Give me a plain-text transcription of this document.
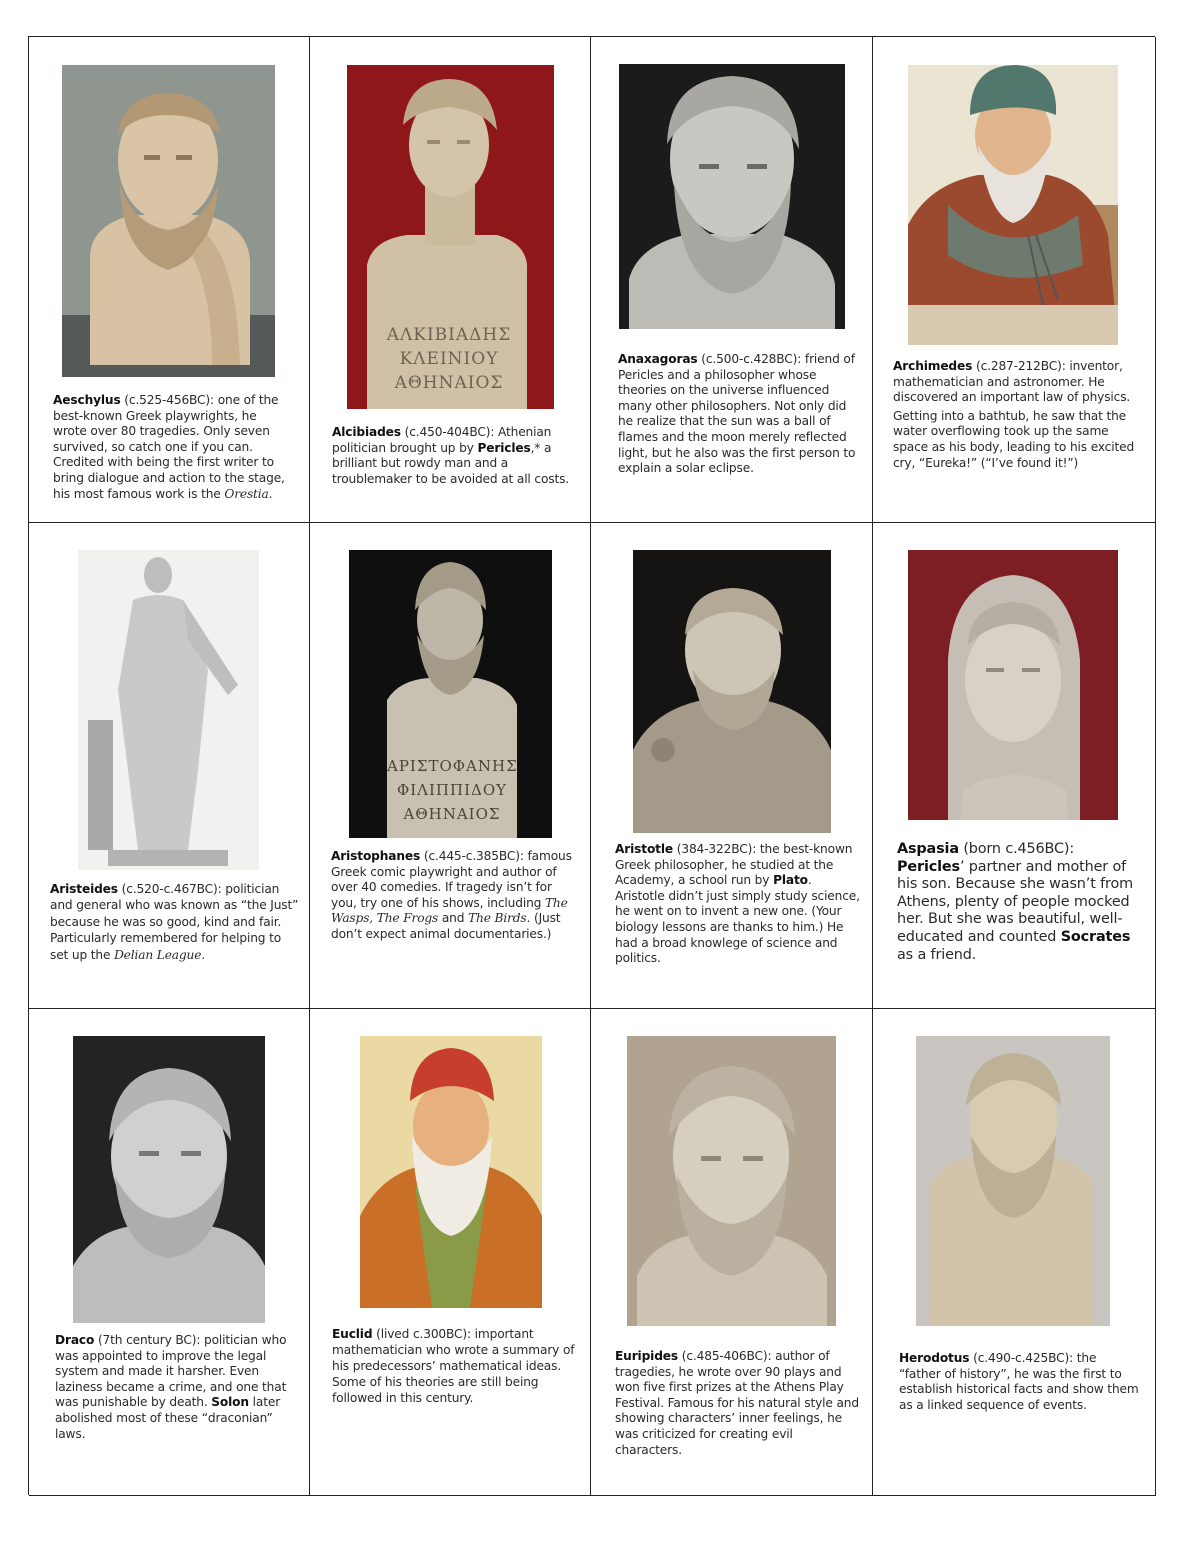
Aeschylus (c.525-456BC): one of the best-known Greek playwrights, he wrote over 80 tragedies. Only seven survived, so catch one if you can. Credited with being the first writer to bring dialogue and action to the stage, his most famous work is the Orestia.
ΑΛΚΙΒΙΑΔΗΣ
ΚΛΕΙΝΙΟΥ
ΑΘΗΝΑΙΟΣ
Alcibiades (c.450-404BC): Athenian politician brought up by Pericles,* a brilliant but rowdy man and a troublemaker to be avoided at all costs.
Anaxagoras (c.500-c.428BC): friend of Pericles and a philosopher whose theories on the universe influenced many other philosophers. Not only did he realize that the sun was a ball of flames and the moon merely reflected light, but he also was the first person to explain a solar eclipse.
Archimedes (c.287-212BC): inventor, mathematician and astronomer. He discovered an important law of physics.
Getting into a bathtub, he saw that the water overflowing took up the same space as his body, leading to his excited cry, “Eureka!” (“I’ve found it!”)
Aristeides (c.520-c.467BC): politician and general who was known as “the Just” because he was so good, kind and fair. Particularly remembered for helping to set up the Delian League.
ΑΡΙΣΤΟΦΑΝΗΣ
ΦΙΛΙΠΠΙΔΟΥ
ΑΘΗΝΑΙΟΣ
Aristophanes (c.445-c.385BC): famous Greek comic playwright and author of over 40 comedies. If tragedy isn’t for you, try one of his shows, including The Wasps, The Frogs and The Birds. (Just don’t expect animal documentaries.)
Aristotle (384-322BC): the best-known Greek philosopher, he studied at the Academy, a school run by Plato. Aristotle didn’t just simply study science, he went on to invent a new one. (Your biology lessons are thanks to him.) He had a broad knowlege of science and politics.
Aspasia (born c.456BC): Pericles’ partner and mother of his son. Because she wasn’t from Athens, plenty of people mocked her. But she was beautiful, well-educated and counted Socrates as a friend.
Draco (7th century BC): politician who was appointed to improve the legal system and made it harsher. Even laziness became a crime, and one that was punishable by death. Solon later abolished most of these “draconian” laws.
Euclid (lived c.300BC): important mathematician who wrote a summary of his predecessors’ mathematical ideas. Some of his theories are still being followed in this century.
Euripides (c.485-406BC): author of tragedies, he wrote over 90 plays and won five first prizes at the Athens Play Festival. Famous for his natural style and showing characters’ inner feelings, he was criticized for creating evil characters.
Herodotus (c.490-c.425BC): the “father of history”, he was the first to establish historical facts and show them as a linked sequence of events.
